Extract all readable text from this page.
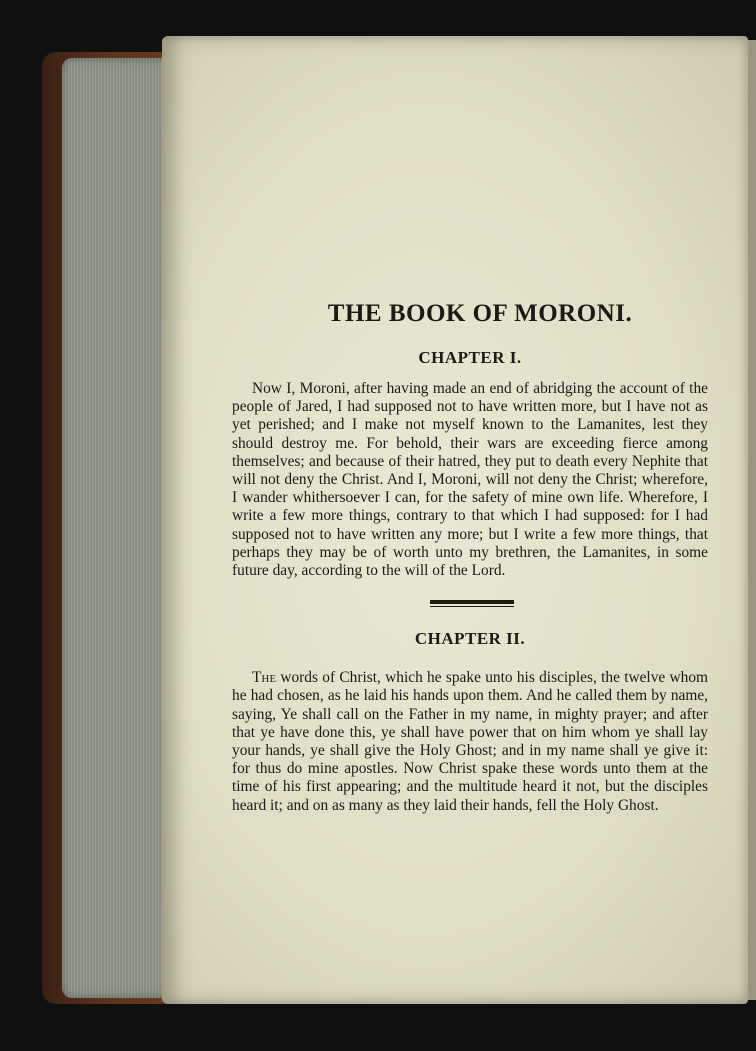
THE BOOK OF MORONI.
CHAPTER I.

Now I, Moroni, after having made an end of abridging the account of the people of Jared, I had supposed not to have written more, but I have not as yet perished; and I make not myself known to the Lamanites, lest they should destroy me. For behold, their wars are exceeding fierce among themselves; and because of their hatred, they put to death every Nephite that will not deny the Christ. And I, Moroni, will not deny the Christ; wherefore, I wander whithersoever I can, for the safety of mine own life. Wherefore, I write a few more things, contrary to that which I had supposed: for I had supposed not to have written any more; but I write a few more things, that perhaps they may be of worth unto my brethren, the Lamanites, in some future day, according to the will of the Lord.

CHAPTER II.

The words of Christ, which he spake unto his disciples, the twelve whom he had chosen, as he laid his hands upon them. And he called them by name, saying, Ye shall call on the Father in my name, in mighty prayer; and after that ye have done this, ye shall have power that on him whom ye shall lay your hands, ye shall give the Holy Ghost; and in my name shall ye give it: for thus do mine apostles. Now Christ spake these words unto them at the time of his first appearing; and the multitude heard it not, but the disciples heard it; and on as many as they laid their hands, fell the Holy Ghost.
